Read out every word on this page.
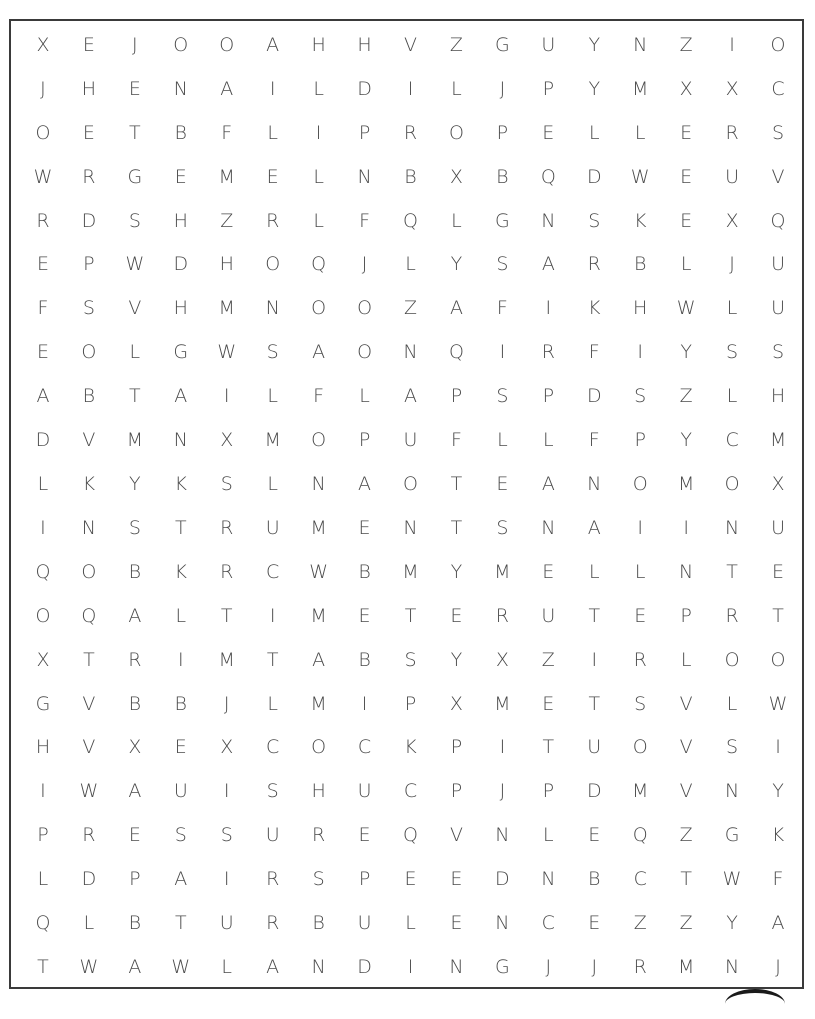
X	E	J	O	O	A	H	H	V	Z	G	U	Y	N	Z	I	O
J	H	E	N	A	I	L	D	I	L	J	P	Y	M	X	X	C
O	E	T	B	F	L	I	P	R	O	P	E	L	L	E	R	S
W	R	G	E	M	E	L	N	B	X	B	Q	D	W	E	U	V
R	D	S	H	Z	R	L	F	Q	L	G	N	S	K	E	X	Q
E	P	W	D	H	O	Q	J	L	Y	S	A	R	B	L	J	U
F	S	V	H	M	N	O	O	Z	A	F	I	K	H	W	L	U
E	O	L	G	W	S	A	O	N	Q	I	R	F	I	Y	S	S
A	B	T	A	I	L	F	L	A	P	S	P	D	S	Z	L	H
D	V	M	N	X	M	O	P	U	F	L	L	F	P	Y	C	M
L	K	Y	K	S	L	N	A	O	T	E	A	N	O	M	O	X
I	N	S	T	R	U	M	E	N	T	S	N	A	I	I	N	U
Q	O	B	K	R	C	W	B	M	Y	M	E	L	L	N	T	E
O	Q	A	L	T	I	M	E	T	E	R	U	T	E	P	R	T
X	T	R	I	M	T	A	B	S	Y	X	Z	I	R	L	O	O
G	V	B	B	J	L	M	I	P	X	M	E	T	S	V	L	W
H	V	X	E	X	C	O	C	K	P	I	T	U	O	V	S	I
I	W	A	U	I	S	H	U	C	P	J	P	D	M	V	N	Y
P	R	E	S	S	U	R	E	Q	V	N	L	E	Q	Z	G	K
L	D	P	A	I	R	S	P	E	E	D	N	B	C	T	W	F
Q	L	B	T	U	R	B	U	L	E	N	C	E	Z	Z	Y	A
T	W	A	W	L	A	N	D	I	N	G	J	J	R	M	N	J
